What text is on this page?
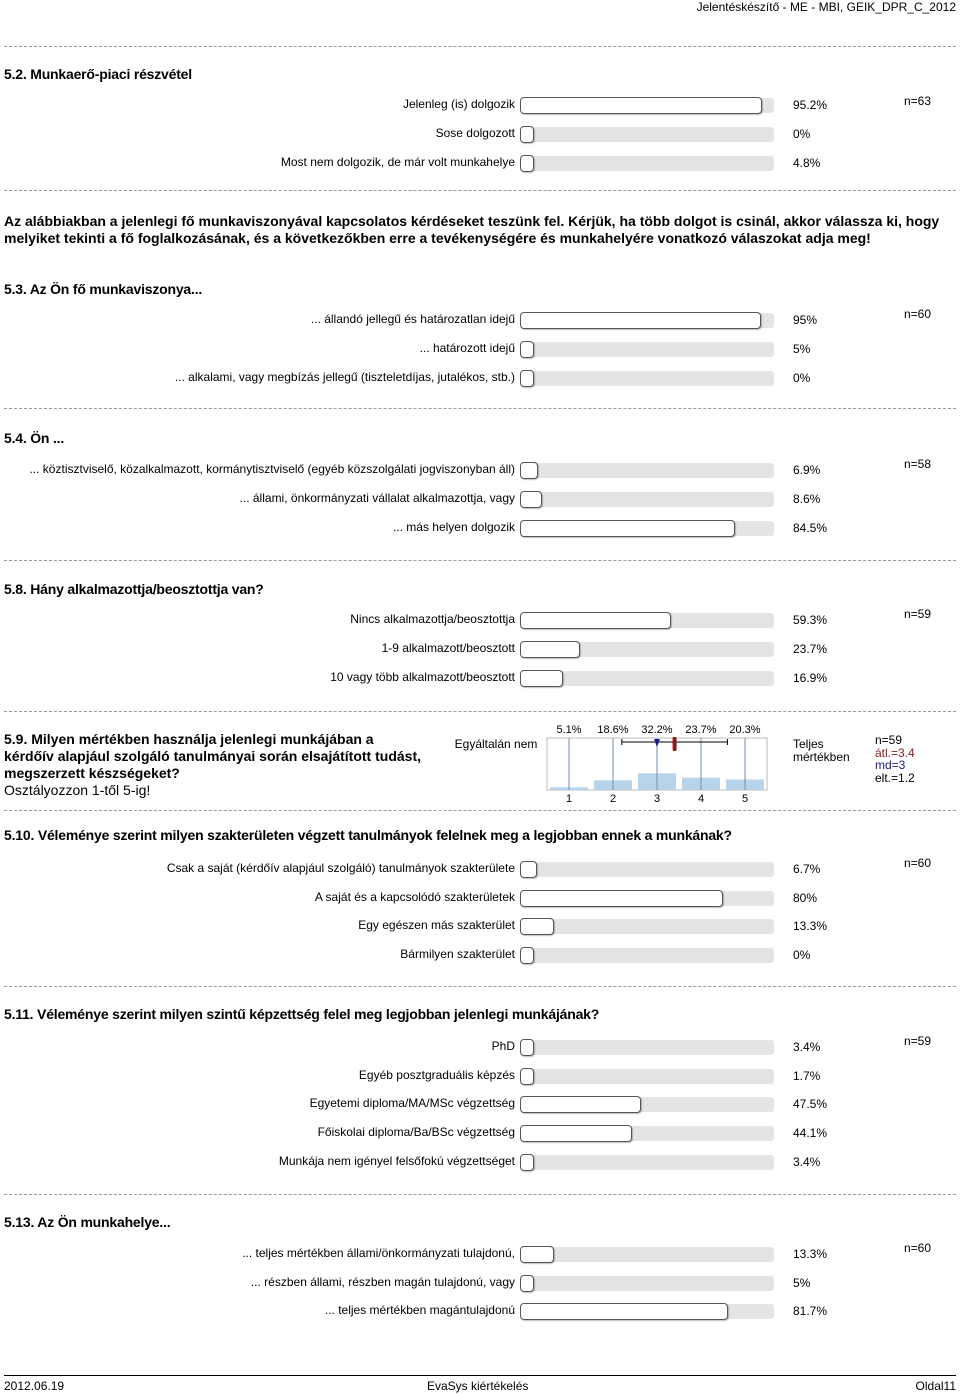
Jelentéskészítő - ME - MBI, GEIK_DPR_C_2012
5.2. Munkaerő-piaci részvétel
n=63
Az alábbiakban a jelenlegi fő munkaviszonyával kapcsolatos kérdéseket teszünk fel. Kérjük, ha több dolgot is csinál, akkor válassza ki, hogy melyiket tekinti a fő foglalkozásának, és a következőkben erre a tevékenységére és munkahelyére vonatkozó válaszokat adja meg!
5.3. Az Ön fő munkaviszonya...
n=60
5.4. Ön ...
n=58
5.8. Hány alkalmazottja/beosztottja van?
n=59
5.9. Milyen mértékben használja jelenlegi munkájában a kérdőív alapjául szolgáló tanulmányai során elsajátított tudást, megszerzett készségeket?
Osztályozzon 1-től 5-ig!
Egyáltalán nem	Teljes mértékben
5.1% 18.6% 32.2% 23.7% 20.3%
1	2	3	4	5
n=59
átl.=3.4
md=3
elt.=1.2
5.10. Véleménye szerint milyen szakterületen végzett tanulmányok felelnek meg a legjobban ennek a munkának?
n=60
5.11. Véleménye szerint milyen szintű képzettség felel meg legjobban jelenlegi munkájának?
n=59
5.13. Az Ön munkahelye...
n=60
2012.06.19	EvaSys kiértékelés	Oldal11
Jelenleg (is) dolgozik	95.2%
Sose dolgozott	0%
Most nem dolgozik, de már volt munkahelye	4.8%
... állandó jellegű és határozatlan idejű	95%
... határozott idejű	5%
... alkalami, vagy megbízás jellegű (tiszteletdíjas, jutalékos, stb.)	0%
... köztisztviselő, közalkalmazott, kormánytisztviselő (egyéb közszolgálati jogviszonyban áll)	6.9%
... állami, önkormányzati vállalat alkalmazottja, vagy	8.6%
... más helyen dolgozik	84.5%
Nincs alkalmazottja/beosztottja	59.3%
1-9 alkalmazott/beosztott	23.7%
10 vagy több alkalmazott/beosztott	16.9%
Csak a saját (kérdőív alapjául szolgáló) tanulmányok szakterülete	6.7%
A saját és a kapcsolódó szakterületek	80%
Egy egészen más szakterület	13.3%
Bármilyen szakterület	0%
PhD	3.4%
Egyéb posztgraduális képzés	1.7%
Egyetemi diploma/MA/MSc végzettség	47.5%
Főiskolai diploma/Ba/BSc végzettség	44.1%
Munkája nem igényel felsőfokú végzettséget	3.4%
... teljes mértékben állami/önkormányzati tulajdonú,	13.3%
... részben állami, részben magán tulajdonú, vagy	5%
... teljes mértékben magántulajdonú	81.7%
